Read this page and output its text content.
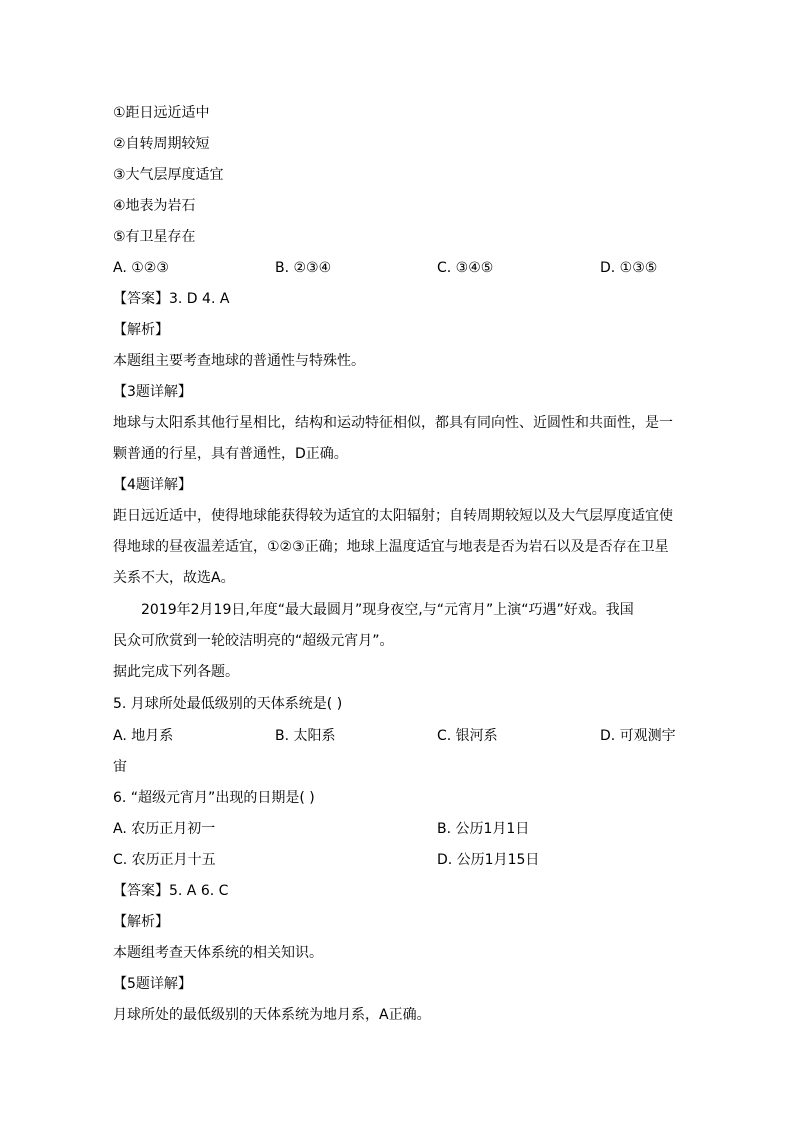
①距日远近适中
②自转周期较短
③大气层厚度适宜
④地表为岩石
⑤有卫星存在
A. ①②③	B. ②③④	C. ③④⑤	D. ①③⑤
【答案】3. D 4. A
【解析】
本题组主要考查地球的普通性与特殊性。
【3题详解】
地球与太阳系其他行星相比，结构和运动特征相似，都具有同向性、近圆性和共面性，是一
颗普通的行星，具有普通性，D正确。
【4题详解】
距日远近适中，使得地球能获得较为适宜的太阳辐射；自转周期较短以及大气层厚度适宜使
得地球的昼夜温差适宜，①②③正确；地球上温度适宜与地表是否为岩石以及是否存在卫星
关系不大，故选A。
2019年2月19日,年度“最大最圆月”现身夜空,与“元宵月”上演“巧遇”好戏。我国
民众可欣赏到一轮皎洁明亮的“超级元宵月”。
据此完成下列各题。
5. 月球所处最低级别的天体系统是( )
A. 地月系	B. 太阳系	C. 银河系	D. 可观测宇
宙
6. “超级元宵月”出现的日期是( )
A. 农历正月初一	B. 公历1月1日
C. 农历正月十五	D. 公历1月15日
【答案】5. A 6. C
【解析】
本题组考查天体系统的相关知识。
【5题详解】
月球所处的最低级别的天体系统为地月系，A正确。
